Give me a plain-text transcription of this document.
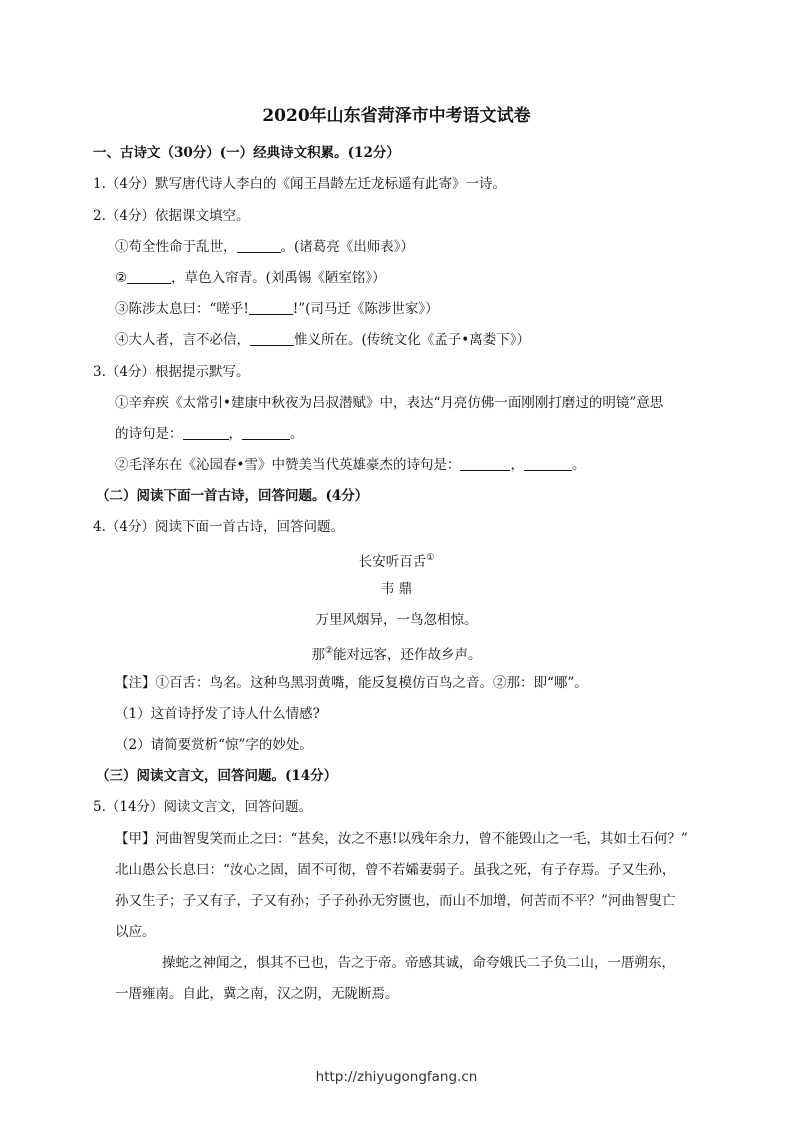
2020年山东省菏泽市中考语文试卷
一、古诗文（30分）(一）经典诗文积累。(12分）
1.（4分）默写唐代诗人李白的《闻王昌龄左迁龙标遥有此寄》一诗。
2.（4分）依据课文填空。
①苟全性命于乱世，	。(诸葛亮《出师表》）
②	，草色入帘青。(刘禹锡《陋室铭》）
③陈涉太息曰：“嗟乎!	!”(司马迁《陈涉世家》）
④大人者，言不必信，	惟义所在。(传统文化《孟子•离娄下》）
3.（4分）根据提示默写。
①辛弃疾《太常引•建康中秋夜为吕叔潜赋》中，表达“月亮仿佛一面刚刚打磨过的明镜”意思
的诗句是：	，	。
②毛泽东在《沁园春•雪》中赞美当代英雄豪杰的诗句是：	，	。
（二）阅读下面一首古诗，回答问题。(4分）
4.（4分）阅读下面一首古诗，回答问题。
长安听百舌①
韦 鼎
万里风烟异，一鸟忽相惊。
那②能对远客，还作故乡声。
【注】①百舌：鸟名。这种鸟黑羽黄嘴，能反复模仿百鸟之音。②那：即“哪”。
（1）这首诗抒发了诗人什么情感?
（2）请简要赏析“惊”字的妙处。
（三）阅读文言文，回答问题。(14分）
5.（14分）阅读文言文，回答问题。
【甲】河曲智叟笑而止之曰：“甚矣，汝之不惠!以残年余力，曾不能毁山之一毛，其如土石何？”
北山愚公长息曰：“汝心之固，固不可彻，曾不若孀妻弱子。虽我之死，有子存焉。子又生孙，
孙又生子；子又有子，子又有孙；子子孙孙无穷匮也，而山不加增，何苦而不平？”河曲智叟亡
以应。
操蛇之神闻之，惧其不已也，告之于帝。帝感其诚，命夸娥氏二子负二山，一厝朔东，
一厝雍南。自此，冀之南，汉之阴，无陇断焉。
http://zhiyugongfang.cn
